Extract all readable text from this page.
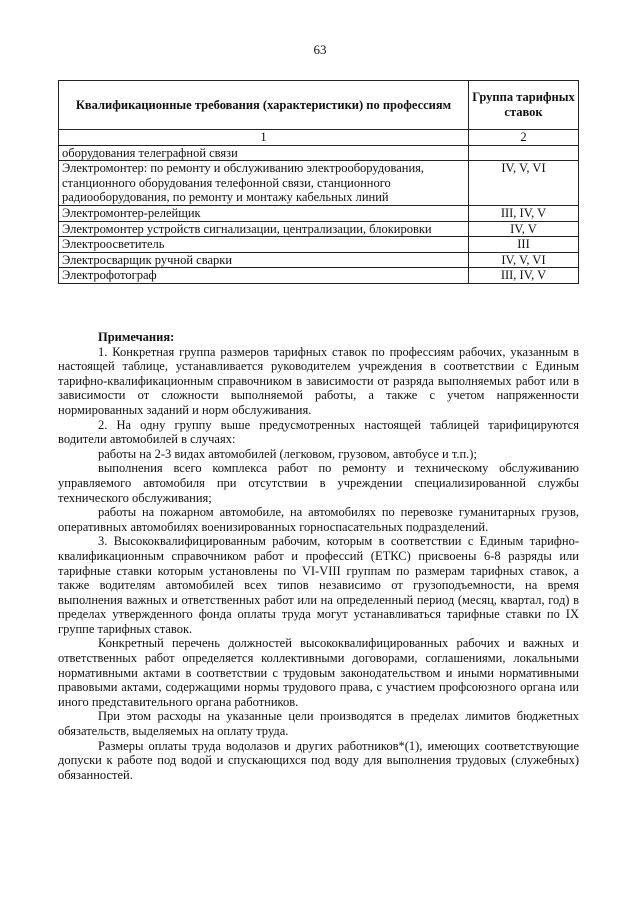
63
Квалификационные требования (характеристики) по профессиям	Группа тарифных ставок
1	2
оборудования телеграфной связи	
Электромонтер: по ремонту и обслуживанию электрооборудования, станционного оборудования телефонной связи, станционного радиооборудования, по ремонту и монтажу кабельных линий	IV, V, VI
Электромонтер-релейщик	III, IV, V
Электромонтер устройств сигнализации, централизации, блокировки	IV, V
Электроосветитель	III
Электросварщик ручной сварки	IV, V, VI
Электрофотограф	III, IV, V

Примечания:

1. Конкретная группа размеров тарифных ставок по профессиям рабочих, указанным в настоящей таблице, устанавливается руководителем учреждения в соответствии с Единым тарифно-квалификационным справочником в зависимости от разряда выполняемых работ или в зависимости от сложности выполняемой работы, а также с учетом напряженности нормированных заданий и норм обслуживания.

2. На одну группу выше предусмотренных настоящей таблицей тарифицируются водители автомобилей в случаях:

работы на 2-3 видах автомобилей (легковом, грузовом, автобусе и т.п.);

выполнения всего комплекса работ по ремонту и техническому обслуживанию управляемого автомобиля при отсутствии в учреждении специализированной службы технического обслуживания;

работы на пожарном автомобиле, на автомобилях по перевозке гуманитарных грузов, оперативных автомобилях военизированных горноспасательных подразделений.

3. Высококвалифицированным рабочим, которым в соответствии с Единым тарифно-квалификационным справочником работ и профессий (ЕТКС) присвоены 6-8 разряды или тарифные ставки которым установлены по VI-VIII группам по размерам тарифных ставок, а также водителям автомобилей всех типов независимо от грузоподъемности, на время выполнения важных и ответственных работ или на определенный период (месяц, квартал, год) в пределах утвержденного фонда оплаты труда могут устанавливаться тарифные ставки по IX группе тарифных ставок.

Конкретный перечень должностей высококвалифицированных рабочих и важных и ответственных работ определяется коллективными договорами, соглашениями, локальными нормативными актами в соответствии с трудовым законодательством и иными нормативными правовыми актами, содержащими нормы трудового права, с участием профсоюзного органа или иного представительного органа работников.

При этом расходы на указанные цели производятся в пределах лимитов бюджетных обязательств, выделяемых на оплату труда.

Размеры оплаты труда водолазов и других работников*(1), имеющих соответствующие допуски к работе под водой и спускающихся под воду для выполнения трудовых (служебных) обязанностей.
